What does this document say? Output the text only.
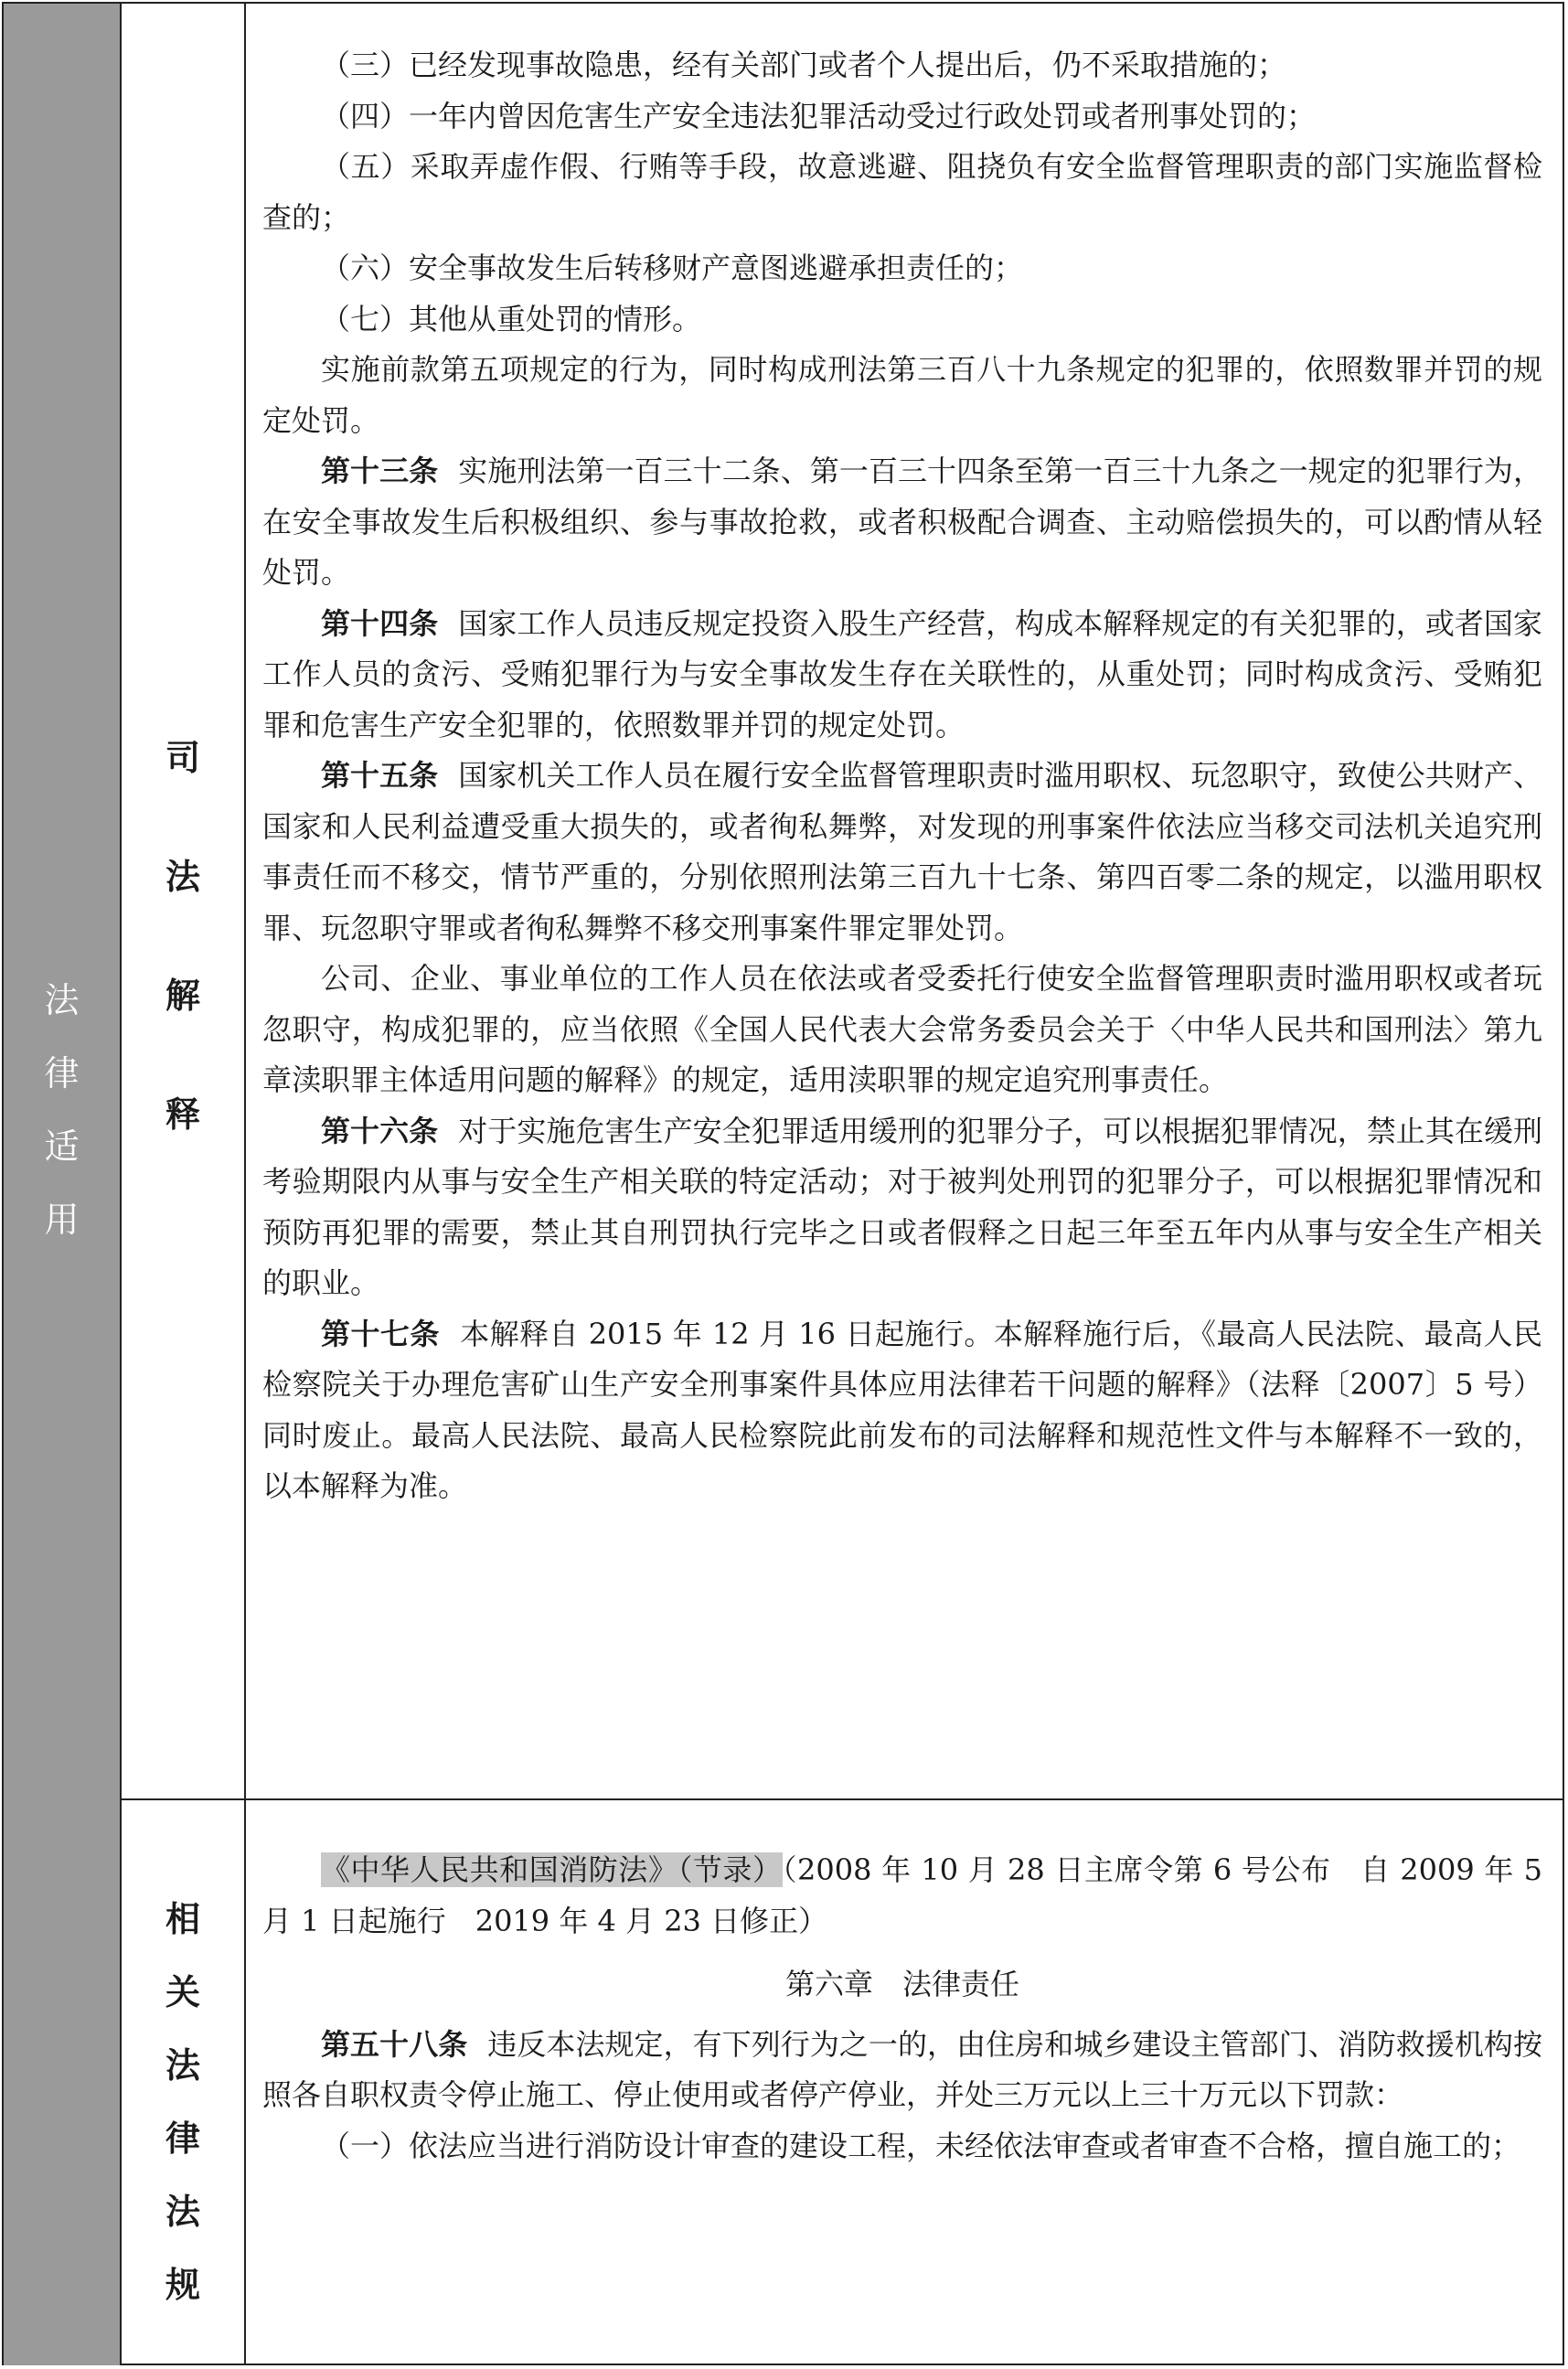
法
律
适
用
司
法
解
释
相
关
法
律
法
规

（三）已经发现事故隐患，经有关部门或者个人提出后，仍不采取措施的；

（四）一年内曾因危害生产安全违法犯罪活动受过行政处罚或者刑事处罚的；

（五）采取弄虚作假、行贿等手段，故意逃避、阻挠负有安全监督管理职责的部门实施监督检查的；

（六）安全事故发生后转移财产意图逃避承担责任的；

（七）其他从重处罚的情形。

实施前款第五项规定的行为，同时构成刑法第三百八十九条规定的犯罪的，依照数罪并罚的规定处罚。

第十三条 实施刑法第一百三十二条、第一百三十四条至第一百三十九条之一规定的犯罪行为，在安全事故发生后积极组织、参与事故抢救，或者积极配合调查、主动赔偿损失的，可以酌情从轻处罚。

第十四条 国家工作人员违反规定投资入股生产经营，构成本解释规定的有关犯罪的，或者国家工作人员的贪污、受贿犯罪行为与安全事故发生存在关联性的，从重处罚；同时构成贪污、受贿犯罪和危害生产安全犯罪的，依照数罪并罚的规定处罚。

第十五条 国家机关工作人员在履行安全监督管理职责时滥用职权、玩忽职守，致使公共财产、国家和人民利益遭受重大损失的，或者徇私舞弊，对发现的刑事案件依法应当移交司法机关追究刑事责任而不移交，情节严重的，分别依照刑法第三百九十七条、第四百零二条的规定，以滥用职权罪、玩忽职守罪或者徇私舞弊不移交刑事案件罪定罪处罚。

公司、企业、事业单位的工作人员在依法或者受委托行使安全监督管理职责时滥用职权或者玩忽职守，构成犯罪的，应当依照《全国人民代表大会常务委员会关于〈中华人民共和国刑法〉第九章渎职罪主体适用问题的解释》的规定，适用渎职罪的规定追究刑事责任。

第十六条 对于实施危害生产安全犯罪适用缓刑的犯罪分子，可以根据犯罪情况，禁止其在缓刑考验期限内从事与安全生产相关联的特定活动；对于被判处刑罚的犯罪分子，可以根据犯罪情况和预防再犯罪的需要，禁止其自刑罚执行完毕之日或者假释之日起三年至五年内从事与安全生产相关的职业。

第十七条 本解释自 2015 年 12 月 16 日起施行。本解释施行后，《最高人民法院、最高人民检察院关于办理危害矿山生产安全刑事案件具体应用法律若干问题的解释》（法释〔2007〕5 号）同时废止。最高人民法院、最高人民检察院此前发布的司法解释和规范性文件与本解释不一致的，以本解释为准。

《中华人民共和国消防法》（节录）（2008 年 10 月 28 日主席令第 6 号公布　自 2009 年 5 月 1 日起施行　2019 年 4 月 23 日修正）

第六章　法律责任

第五十八条 违反本法规定，有下列行为之一的，由住房和城乡建设主管部门、消防救援机构按照各自职权责令停止施工、停止使用或者停产停业，并处三万元以上三十万元以下罚款：

（一）依法应当进行消防设计审查的建设工程，未经依法审查或者审查不合格，擅自施工的；
